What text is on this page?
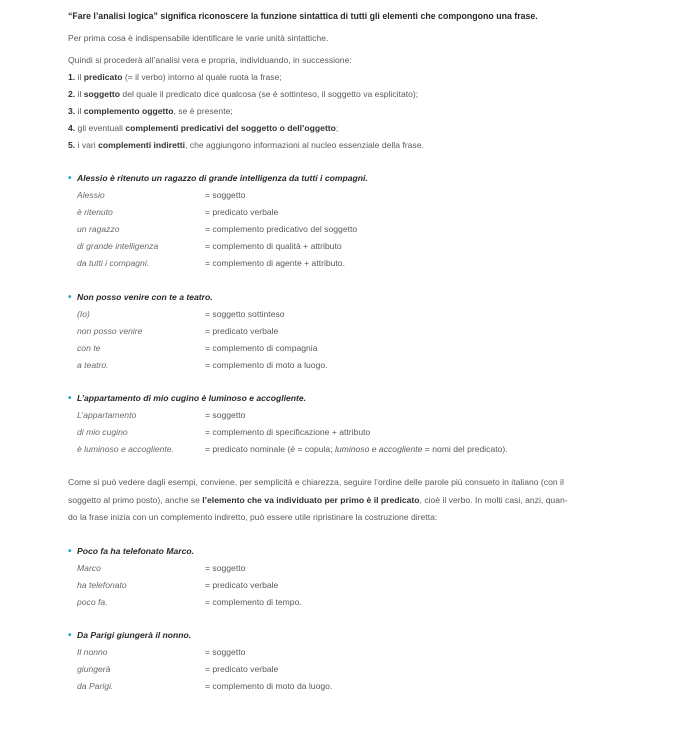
“Fare l’analisi logica” significa riconoscere la funzione sintattica di tutti gli elementi che compongono una frase.
Per prima cosa è indispensabile identificare le varie unità sintattiche.
Quindi si procederà all’analisi vera e propria, individuando, in successione:
1. il predicato (= il verbo) intorno al quale ruota la frase;
2. il soggetto del quale il predicato dice qualcosa (se è sottinteso, il soggetto va esplicitato);
3. il complemento oggetto, se è presente;
4. gli eventuali complementi predicativi del soggetto o dell’oggetto;
5. i vari complementi indiretti, che aggiungono informazioni al nucleo essenziale della frase.
• Alessio è ritenuto un ragazzo di grande intelligenza da tutti i compagni.
Alessio	= soggetto
è ritenuto	= predicato verbale
un ragazzo	= complemento predicativo del soggetto
di grande intelligenza	= complemento di qualità + attributo
da tutti i compagni.	= complemento di agente + attributo.
• Non posso venire con te a teatro.
(Io)	= soggetto sottinteso
non posso venire	= predicato verbale
con te	= complemento di compagnia
a teatro.	= complemento di moto a luogo.
• L’appartamento di mio cugino è luminoso e accogliente.
L’appartamento	= soggetto
di mio cugino	= complemento di specificazione + attributo
è luminoso e accogliente.	= predicato nominale (è = copula; luminoso e accogliente = nomi del predicato).
Come si può vedere dagli esempi, conviene, per semplicità e chiarezza, seguire l’ordine delle parole più consueto in italiano (con il
soggetto al primo posto), anche se l’elemento che va individuato per primo è il predicato, cioè il verbo. In molti casi, anzi, quan-
do la frase inizia con un complemento indiretto, può essere utile ripristinare la costruzione diretta:
• Poco fa ha telefonato Marco.
Marco	= soggetto
ha telefonato	= predicato verbale
poco fa.	= complemento di tempo.
• Da Parigi giungerà il nonno.
Il nonno	= soggetto
giungerà	= predicato verbale
da Parigi.	= complemento di moto da luogo.
